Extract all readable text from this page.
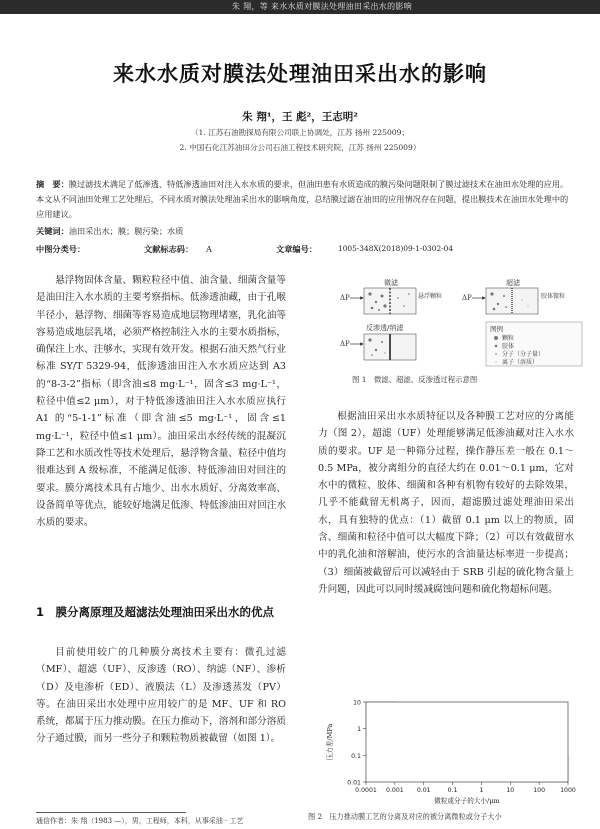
朱 翔，等 来水水质对膜法处理油田采出水的影响
来水水质对膜法处理油田采出水的影响
朱 翔¹，王 彪²，王志明²
（1. 江苏石油勘探局有限公司联上协调处，江苏 扬州 225009；
2. 中国石化江苏油田分公司石油工程技术研究院，江苏 扬州 225009）
摘　要：膜过滤技术满足了低渗透、特低渗透油田对注入水水质的要求，但油田患有水质造成的膜污染问题限制了膜过滤技术在油田水处理的应用。本文从不同油田处理工艺处理后，不同水质对膜法处理油采出水的影响角度，总结膜过滤在油田的应用情况存在问题，提出膜技术在油田水处理中的应用建议。
关键词：油田采出水；膜；膜污染；水质
中图分类号：	文献标志码： A	文章编号：	1005-348X(2018)09-1-0302-04

悬浮物固体含量、颗粒粒径中值、油含量、细菌含量等是油田注入水水质的主要考察指标。低渗透油藏，由于孔喉半径小，悬浮物、细菌等容易造成地层物理堵塞，乳化油等容易造成地层乳堵，必须严格控制注入水的主要水质指标，确保注上水、注够水，实现有效开发。根据石油天然气行业标准 SY/T 5329-94，低渗透油田注入水水质应达到 A3 的“8-3-2”指标（即含油≤8 mg·L⁻¹，固含≤3 mg·L⁻¹，粒径中值≤2 μm），对于特低渗透油田注入水水质应执行 A1 的“5-1-1”标准（即含油≤5 mg·L⁻¹，固含≤1 mg·L⁻¹，粒径中值≤1 μm）。油田采出水经传统的混凝沉降工艺和水质改性等技术处理后，悬浮物含量、粒径中值均很难达到 A 级标准，不能满足低渗、特低渗油田对回注的要求。膜分离技术具有占地少、出水水质好、分离效率高、设备简单等优点，能较好地满足低渗、特低渗油田对回注水水质的要求。

1　膜分离原理及超滤法处理油田采出水的优点

目前使用较广的几种膜分离技术主要有：微孔过滤（MF）、超滤（UF）、反渗透（RO）、纳滤（NF）、渗析（D）及电渗析（ED）、液膜法（L）及渗透蒸发（PV）等。在油田采出水处理中应用较广的是 MF、UF 和 RO 系统，都属于压力推动膜。在压力推动下，溶剂和部分溶质分子通过膜，而另一些分子和颗粒物质被截留（如图 1）。

通信作者：朱 翔（1983 —），男，工程师，本科，从事采油 · 工艺
微滤
ΔP	悬浮颗粒
超滤
ΔP	胶体微粒
反渗透/纳滤
ΔP
图例
颗粒
胶体
分子（分子量）
离子（溶质）
图 1　微滤、超滤、反渗透过程示意图

根据油田采出水水质特征以及各种膜工艺对应的分离能力（图 2），超滤（UF）处理能够满足低渗油藏对注入水水质的要求。UF 是一种筛分过程，操作静压差一般在 0.1～0.5 MPa，被分离组分的直径大约在 0.01～0.1 μm，它对水中的微粒、胶体、细菌和各种有机物有较好的去除效果，几乎不能截留无机离子，因而，超滤膜过滤处理油田采出水，具有独特的优点：（1）截留 0.1 μm 以上的物质，固含、细菌和粒径中值可以大幅度下降；（2）可以有效截留水中的乳化油和溶解油，使污水的含油量达标率进一步提高；（3）细菌被截留后可以减轻由于 SRB 引起的硫化物含量上升问题，因此可以同时缓减腐蚀问题和硫化物超标问题。

10
1
0.1
0.01
0.0001 0.001 0.01	0.1	1	10	100 1000
微粒或分子的大小/μm
压力差/MPa
图 2　压力推动膜工艺的分离及对应的被分离微粒或分子大小
